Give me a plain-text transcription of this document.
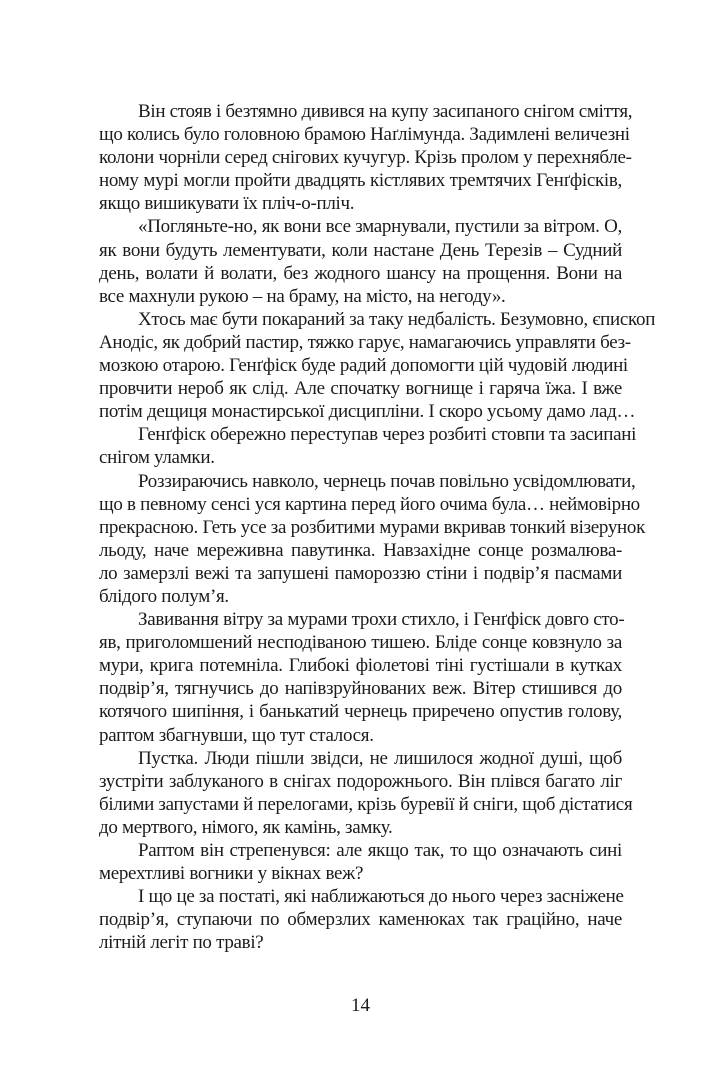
Він стояв і безтямно дивився на купу засипаного снігом сміття,
що колись було головною брамою Наґлімунда. Задимлені величезні
колони чорніли серед снігових кучугур. Крізь пролом у перехнябле-
ному мурі могли пройти двадцять кістлявих тремтячих Генґфісків,
якщо вишикувати їх пліч-о-пліч.
«Погляньте-но, як вони все змарнували, пустили за вітром. О,
як вони будуть лементувати, коли настане День Терезів – Судний
день, волати й волати, без жодного шансу на прощення. Вони на
все махнули рукою – на браму, на місто, на негоду».
Хтось має бути покараний за таку недбалість. Безумовно, єпископ
Анодіс, як добрий пастир, тяжко гарує, намагаючись управляти без-
мозкою отарою. Генґфіск буде радий допомогти цій чудовій людині
провчити нероб як слід. Але спочатку вогнище і гаряча їжа. І вже
потім дещиця монастирської дисципліни. І скоро усьому дамо лад…
Генґфіск обережно переступав через розбиті стовпи та засипані
снігом уламки.
Роззираючись навколо, чернець почав повільно усвідомлювати,
що в певному сенсі уся картина перед його очима була… неймовірно
прекрасною. Геть усе за розбитими мурами вкривав тонкий візерунок
льоду, наче мереживна павутинка. Навзахідне сонце розмалюва-
ло замерзлі вежі та запушені памороззю стіни і подвір’я пасмами
блідого полум’я.
Завивання вітру за мурами трохи стихло, і Генґфіск довго сто-
яв, приголомшений несподіваною тишею. Бліде сонце ковзнуло за
мури, крига потемніла. Глибокі фіолетові тіні густішали в кутках
подвір’я, тягнучись до напівзруйнованих веж. Вітер стишився до
котячого шипіння, і банькатий чернець приречено опустив голову,
раптом збагнувши, що тут сталося.
Пустка. Люди пішли звідси, не лишилося жодної душі, щоб
зустріти заблуканого в снігах подорожнього. Він плівся багато ліг
білими запустами й перелогами, крізь буревії й сніги, щоб дістатися
до мертвого, німого, як камінь, замку.
Раптом він стрепенувся: але якщо так, то що означають сині
мерехтливі вогники у вікнах веж?
І що це за постаті, які наближаються до нього через засніжене
подвір’я, ступаючи по обмерзлих каменюках так граційно, наче
літній легіт по траві?
14
